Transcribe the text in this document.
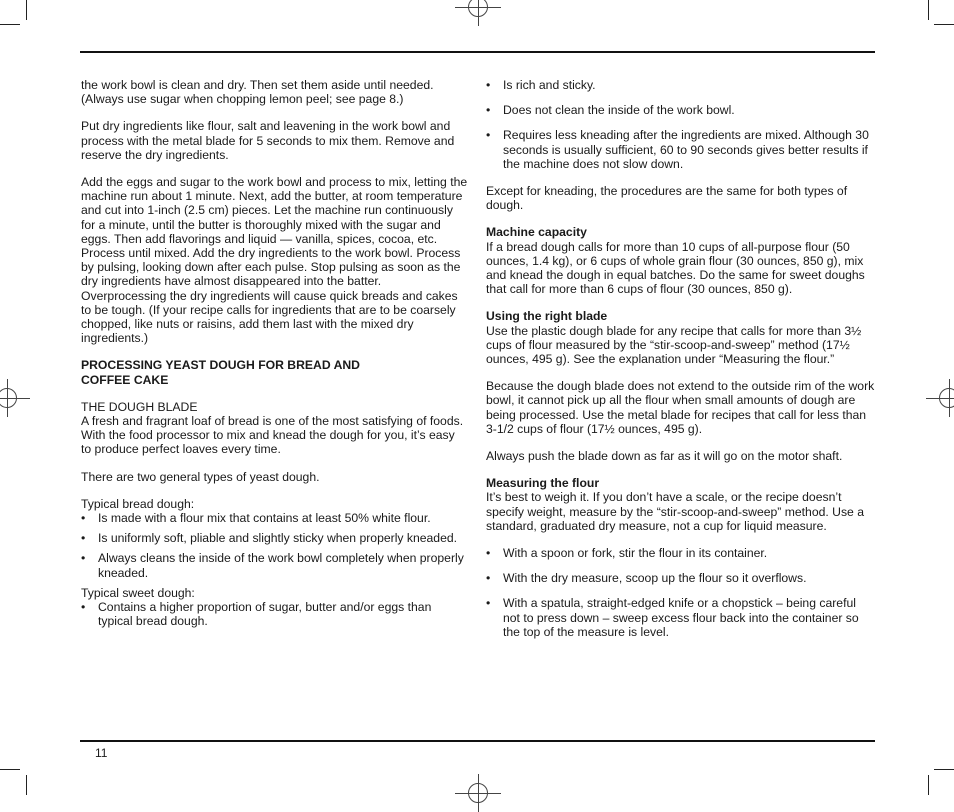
the work bowl is clean and dry. Then set them aside until needed. (Always use sugar when chopping lemon peel; see page 8.)

Put dry ingredients like flour, salt and leavening in the work bowl and process with the metal blade for 5 seconds to mix them. Remove and reserve the dry ingredients.

Add the eggs and sugar to the work bowl and process to mix, letting the machine run about 1 minute. Next, add the butter, at room temperature and cut into 1-inch (2.5 cm) pieces. Let the machine run continuously for a minute, until the butter is thoroughly mixed with the sugar and eggs. Then add flavorings and liquid — vanilla, spices, cocoa, etc. Process until mixed. Add the dry ingredients to the work bowl. Process by pulsing, looking down after each pulse. Stop pulsing as soon as the dry ingredients have almost disappeared into the batter. Overprocessing the dry ingredients will cause quick breads and cakes to be tough. (If your recipe calls for ingredients that are to be coarsely chopped, like nuts or raisins, add them last with the mixed dry ingredients.)

PROCESSING YEAST DOUGH FOR BREAD AND
COFFEE CAKE
THE DOUGH BLADE

A fresh and fragrant loaf of bread is one of the most satisfying of foods. With the food processor to mix and knead the dough for you, it’s easy to produce perfect loaves every time.

There are two general types of yeast dough.

Typical bread dough:
• Is made with a flour mix that contains at least 50% white flour.
• Is uniformly soft, pliable and slightly sticky when properly kneaded.
• Always cleans the inside of the work bowl completely when properly kneaded.
Typical sweet dough:
• Contains a higher proportion of sugar, butter and/or eggs than typical bread dough.
• Is rich and sticky.
• Does not clean the inside of the work bowl.
• Requires less kneading after the ingredients are mixed. Although 30 seconds is usually sufficient, 60 to 90 seconds gives better results if the machine does not slow down.

Except for kneading, the procedures are the same for both types of dough.

Machine capacity

If a bread dough calls for more than 10 cups of all-purpose flour (50 ounces, 1.4 kg), or 6 cups of whole grain flour (30 ounces, 850 g), mix and knead the dough in equal batches. Do the same for sweet doughs that call for more than 6 cups of flour (30 ounces, 850 g).

Using the right blade

Use the plastic dough blade for any recipe that calls for more than 3½ cups of flour measured by the “stir-scoop-and-sweep” method (17½ ounces, 495 g). See the explanation under “Measuring the flour.”

Because the dough blade does not extend to the outside rim of the work bowl, it cannot pick up all the flour when small amounts of dough are being processed. Use the metal blade for recipes that call for less than 3-1/2 cups of flour (17½ ounces, 495 g).

Always push the blade down as far as it will go on the motor shaft.

Measuring the flour

It’s best to weigh it. If you don’t have a scale, or the recipe doesn’t specify weight, measure by the “stir-scoop-and-sweep” method. Use a standard, graduated dry measure, not a cup for liquid measure.

• With a spoon or fork, stir the flour in its container.
• With the dry measure, scoop up the flour so it overflows.
• With a spatula, straight-edged knife or a chopstick – being careful not to press down – sweep excess flour back into the container so the top of the measure is level.
11
